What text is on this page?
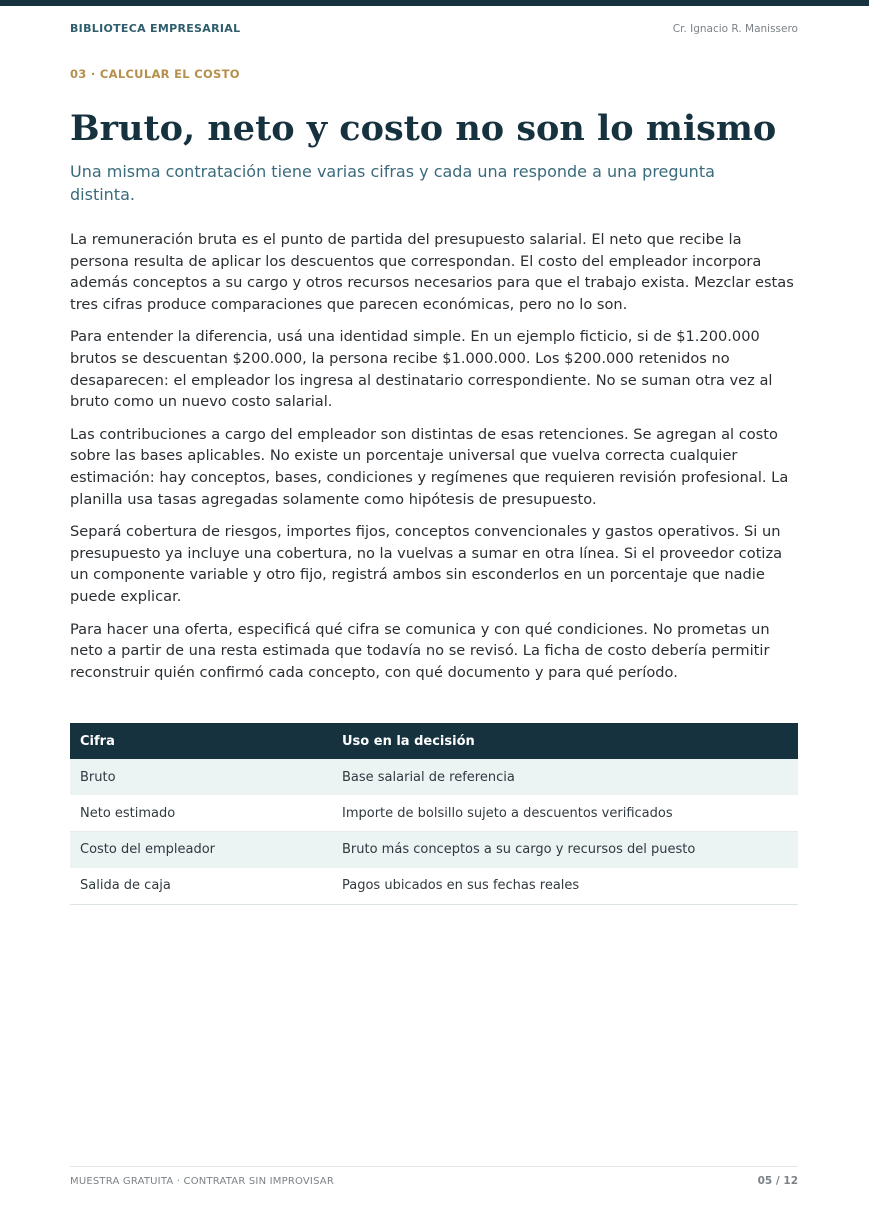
BIBLIOTECA EMPRESARIAL	Cr. Ignacio R. Manissero
03 · CALCULAR EL COSTO
Bruto, neto y costo no son lo mismo
Una misma contratación tiene varias cifras y cada una responde a una pregunta distinta.

La remuneración bruta es el punto de partida del presupuesto salarial. El neto que recibe la persona resulta de aplicar los descuentos que correspondan. El costo del empleador incorpora además conceptos a su cargo y otros recursos necesarios para que el trabajo exista. Mezclar estas tres cifras produce comparaciones que parecen económicas, pero no lo son.

Para entender la diferencia, usá una identidad simple. En un ejemplo ficticio, si de $1.200.000 brutos se descuentan $200.000, la persona recibe $1.000.000. Los $200.000 retenidos no desaparecen: el empleador los ingresa al destinatario correspondiente. No se suman otra vez al bruto como un nuevo costo salarial.

Las contribuciones a cargo del empleador son distintas de esas retenciones. Se agregan al costo sobre las bases aplicables. No existe un porcentaje universal que vuelva correcta cualquier estimación: hay conceptos, bases, condiciones y regímenes que requieren revisión profesional. La planilla usa tasas agregadas solamente como hipótesis de presupuesto.

Separá cobertura de riesgos, importes fijos, conceptos convencionales y gastos operativos. Si un presupuesto ya incluye una cobertura, no la vuelvas a sumar en otra línea. Si el proveedor cotiza un componente variable y otro fijo, registrá ambos sin esconderlos en un porcentaje que nadie puede explicar.

Para hacer una oferta, especificá qué cifra se comunica y con qué condiciones. No prometas un neto a partir de una resta estimada que todavía no se revisó. La ficha de costo debería permitir reconstruir quién confirmó cada concepto, con qué documento y para qué período.

Cifra	Uso en la decisión
Bruto	Base salarial de referencia
Neto estimado	Importe de bolsillo sujeto a descuentos verificados
Costo del empleador	Bruto más conceptos a su cargo y recursos del puesto
Salida de caja	Pagos ubicados en sus fechas reales
MUESTRA GRATUITA · CONTRATAR SIN IMPROVISAR	05 / 12
